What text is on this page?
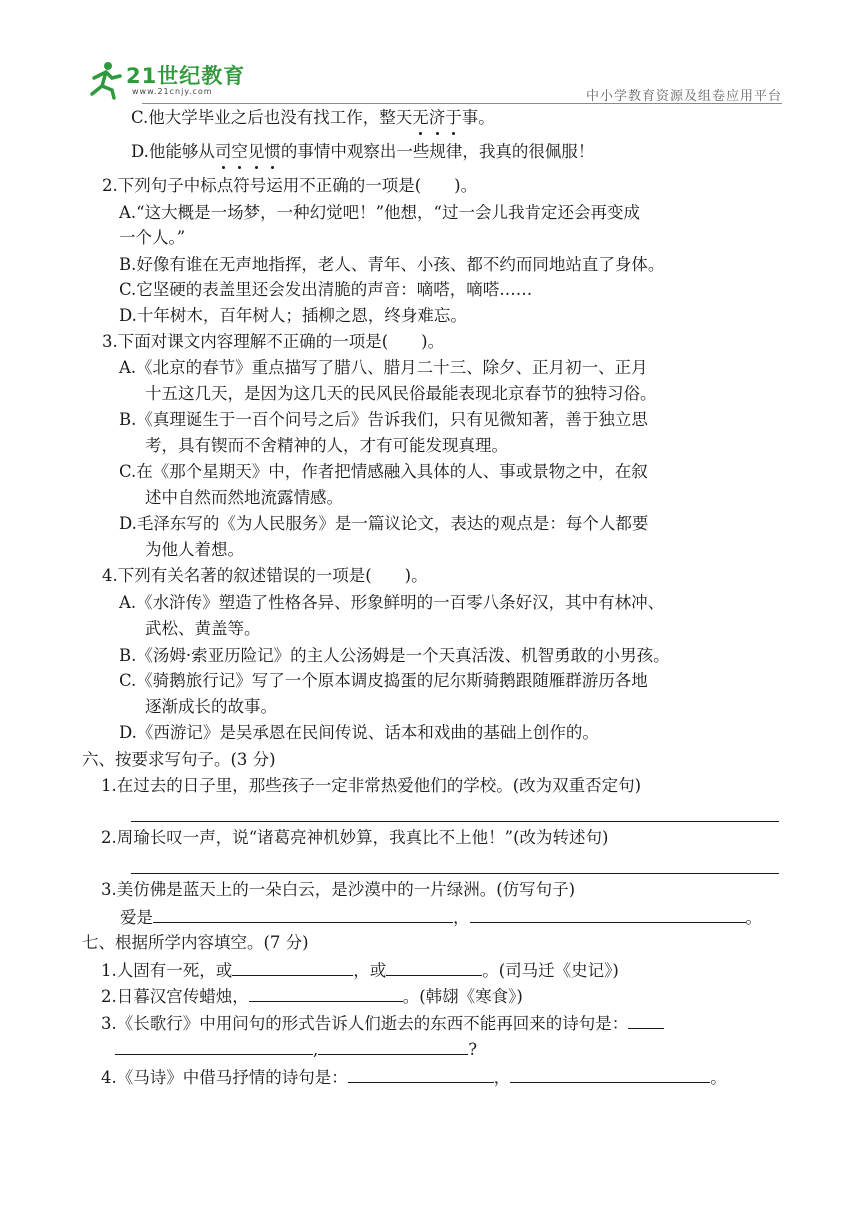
21世纪教育
www.21cnjy.com	中小学教育资源及组卷应用平台
C.他大学毕业之后也没有找工作，整天无济于事。
D.他能够从司空见惯的事情中观察出一些规律，我真的很佩服！
2.下列句子中标点符号运用不正确的一项是(　　)。
A.“这大概是一场梦，一种幻觉吧！”他想，“过一会儿我肯定还会再变成
一个人。”
B.好像有谁在无声地指挥，老人、青年、小孩、都不约而同地站直了身体。
C.它坚硬的表盖里还会发出清脆的声音：嘀嗒，嘀嗒……
D.十年树木，百年树人；插柳之恩，终身难忘。
3.下面对课文内容理解不正确的一项是(　　)。
A.《北京的春节》重点描写了腊八、腊月二十三、除夕、正月初一、正月
十五这几天，是因为这几天的民风民俗最能表现北京春节的独特习俗。
B.《真理诞生于一百个问号之后》告诉我们，只有见微知著，善于独立思
考，具有锲而不舍精神的人，才有可能发现真理。
C.在《那个星期天》中，作者把情感融入具体的人、事或景物之中，在叙
述中自然而然地流露情感。
D.毛泽东写的《为人民服务》是一篇议论文，表达的观点是：每个人都要
为他人着想。
4.下列有关名著的叙述错误的一项是(　　)。
A.《水浒传》塑造了性格各异、形象鲜明的一百零八条好汉，其中有林冲、
武松、黄盖等。
B.《汤姆·索亚历险记》的主人公汤姆是一个天真活泼、机智勇敢的小男孩。
C.《骑鹅旅行记》写了一个原本调皮捣蛋的尼尔斯骑鹅跟随雁群游历各地
逐渐成长的故事。
D.《西游记》是吴承恩在民间传说、话本和戏曲的基础上创作的。
六、按要求写句子。(3 分)
1.在过去的日子里，那些孩子一定非常热爱他们的学校。(改为双重否定句)
2.周瑜长叹一声，说“诸葛亮神机妙算，我真比不上他！”(改为转述句)
3.美仿佛是蓝天上的一朵白云，是沙漠中的一片绿洲。(仿写句子)
爱是	，	。
七、根据所学内容填空。(7 分)
1.人固有一死，或	，或	。(司马迁《史记》)
2.日暮汉宫传蜡烛，	。(韩翃《寒食》)
3.《长歌行》中用问句的形式告诉人们逝去的东西不能再回来的诗句是：
,	?
4.《马诗》中借马抒情的诗句是：	，	。
